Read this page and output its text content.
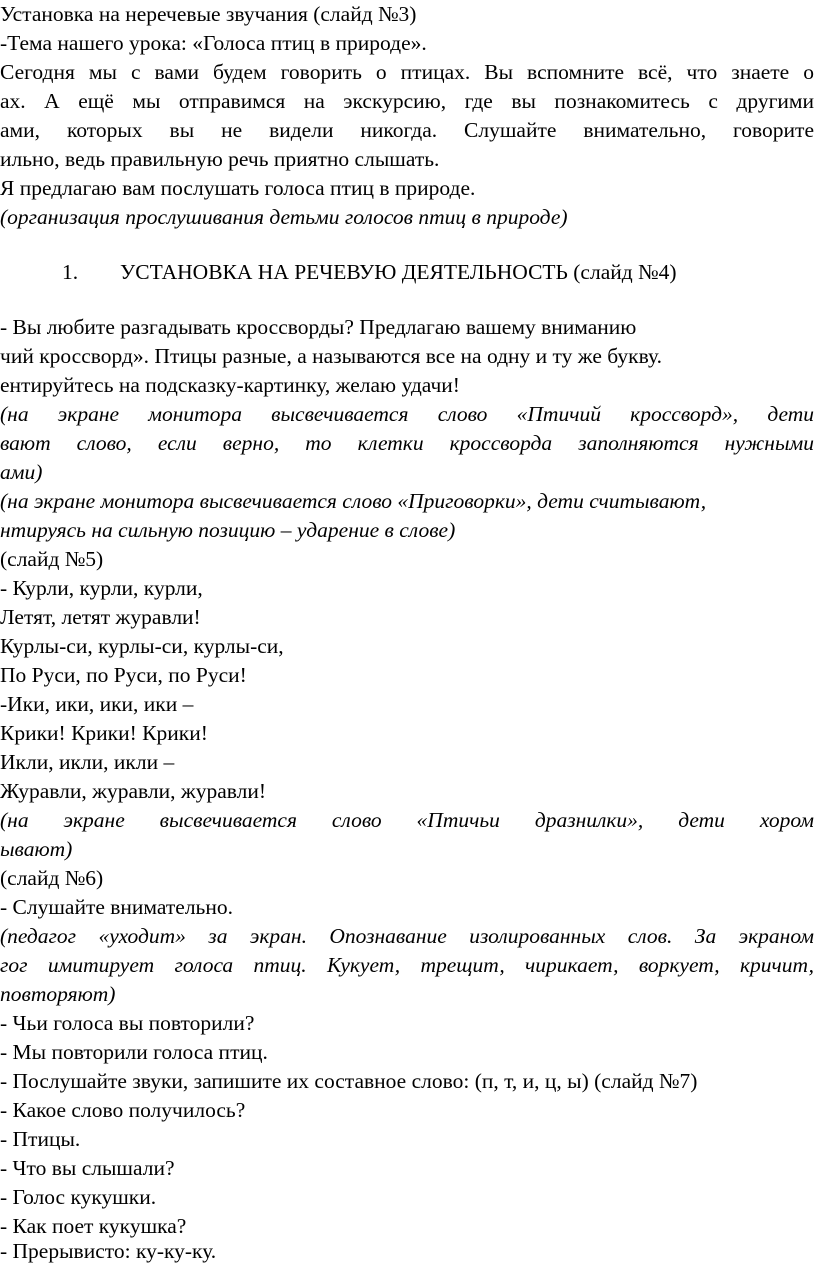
Установка на неречевые звучания (слайд №3)
-Тема нашего урока: «Голоса птиц в природе».
Сегодня мы с вами будем говорить о птицах. Вы вспомните всё, что знаете о
ах. А ещё мы отправимся на экскурсию, где вы познакомитесь с другими
ами, которых вы не видели никогда. Слушайте внимательно, говорите
ильно, ведь правильную речь приятно слышать.
Я предлагаю вам послушать голоса птиц в природе.
(организация прослушивания детьми голосов птиц в природе)
1. УСТАНОВКА НА РЕЧЕВУЮ ДЕЯТЕЛЬНОСТЬ (слайд №4)
- Вы любите разгадывать кроссворды? Предлагаю вашему вниманию
чий кроссворд». Птицы разные, а называются все на одну и ту же букву.
ентируйтесь на подсказку-картинку, желаю удачи!
(на экране монитора высвечивается слово «Птичий кроссворд», дети
вают слово, если верно, то клетки кроссворда заполняются нужными
ами)
(на экране монитора высвечивается слово «Приговорки», дети считывают,
нтируясь на сильную позицию – ударение в слове)
(слайд №5)
- Курли, курли, курли,
Летят, летят журавли!
Курлы-си, курлы-си, курлы-си,
По Руси, по Руси, по Руси!
-Ики, ики, ики, ики –
Крики! Крики! Крики!
Икли, икли, икли –
Журавли, журавли, журавли!
(на экране высвечивается слово «Птичьи дразнилки», дети хором
ывают)
(слайд №6)
- Слушайте внимательно.
(педагог «уходит» за экран. Опознавание изолированных слов. За экраном
гог имитирует голоса птиц. Кукует, трещит, чирикает, воркует, кричит,
повторяют)
- Чьи голоса вы повторили?
- Мы повторили голоса птиц.
- Послушайте звуки, запишите их составное слово: (п, т, и, ц, ы) (слайд №7)
- Какое слово получилось?
- Птицы.
- Что вы слышали?
- Голос кукушки.
- Как поет кукушка?
- Прерывисто: ку-ку-ку.
